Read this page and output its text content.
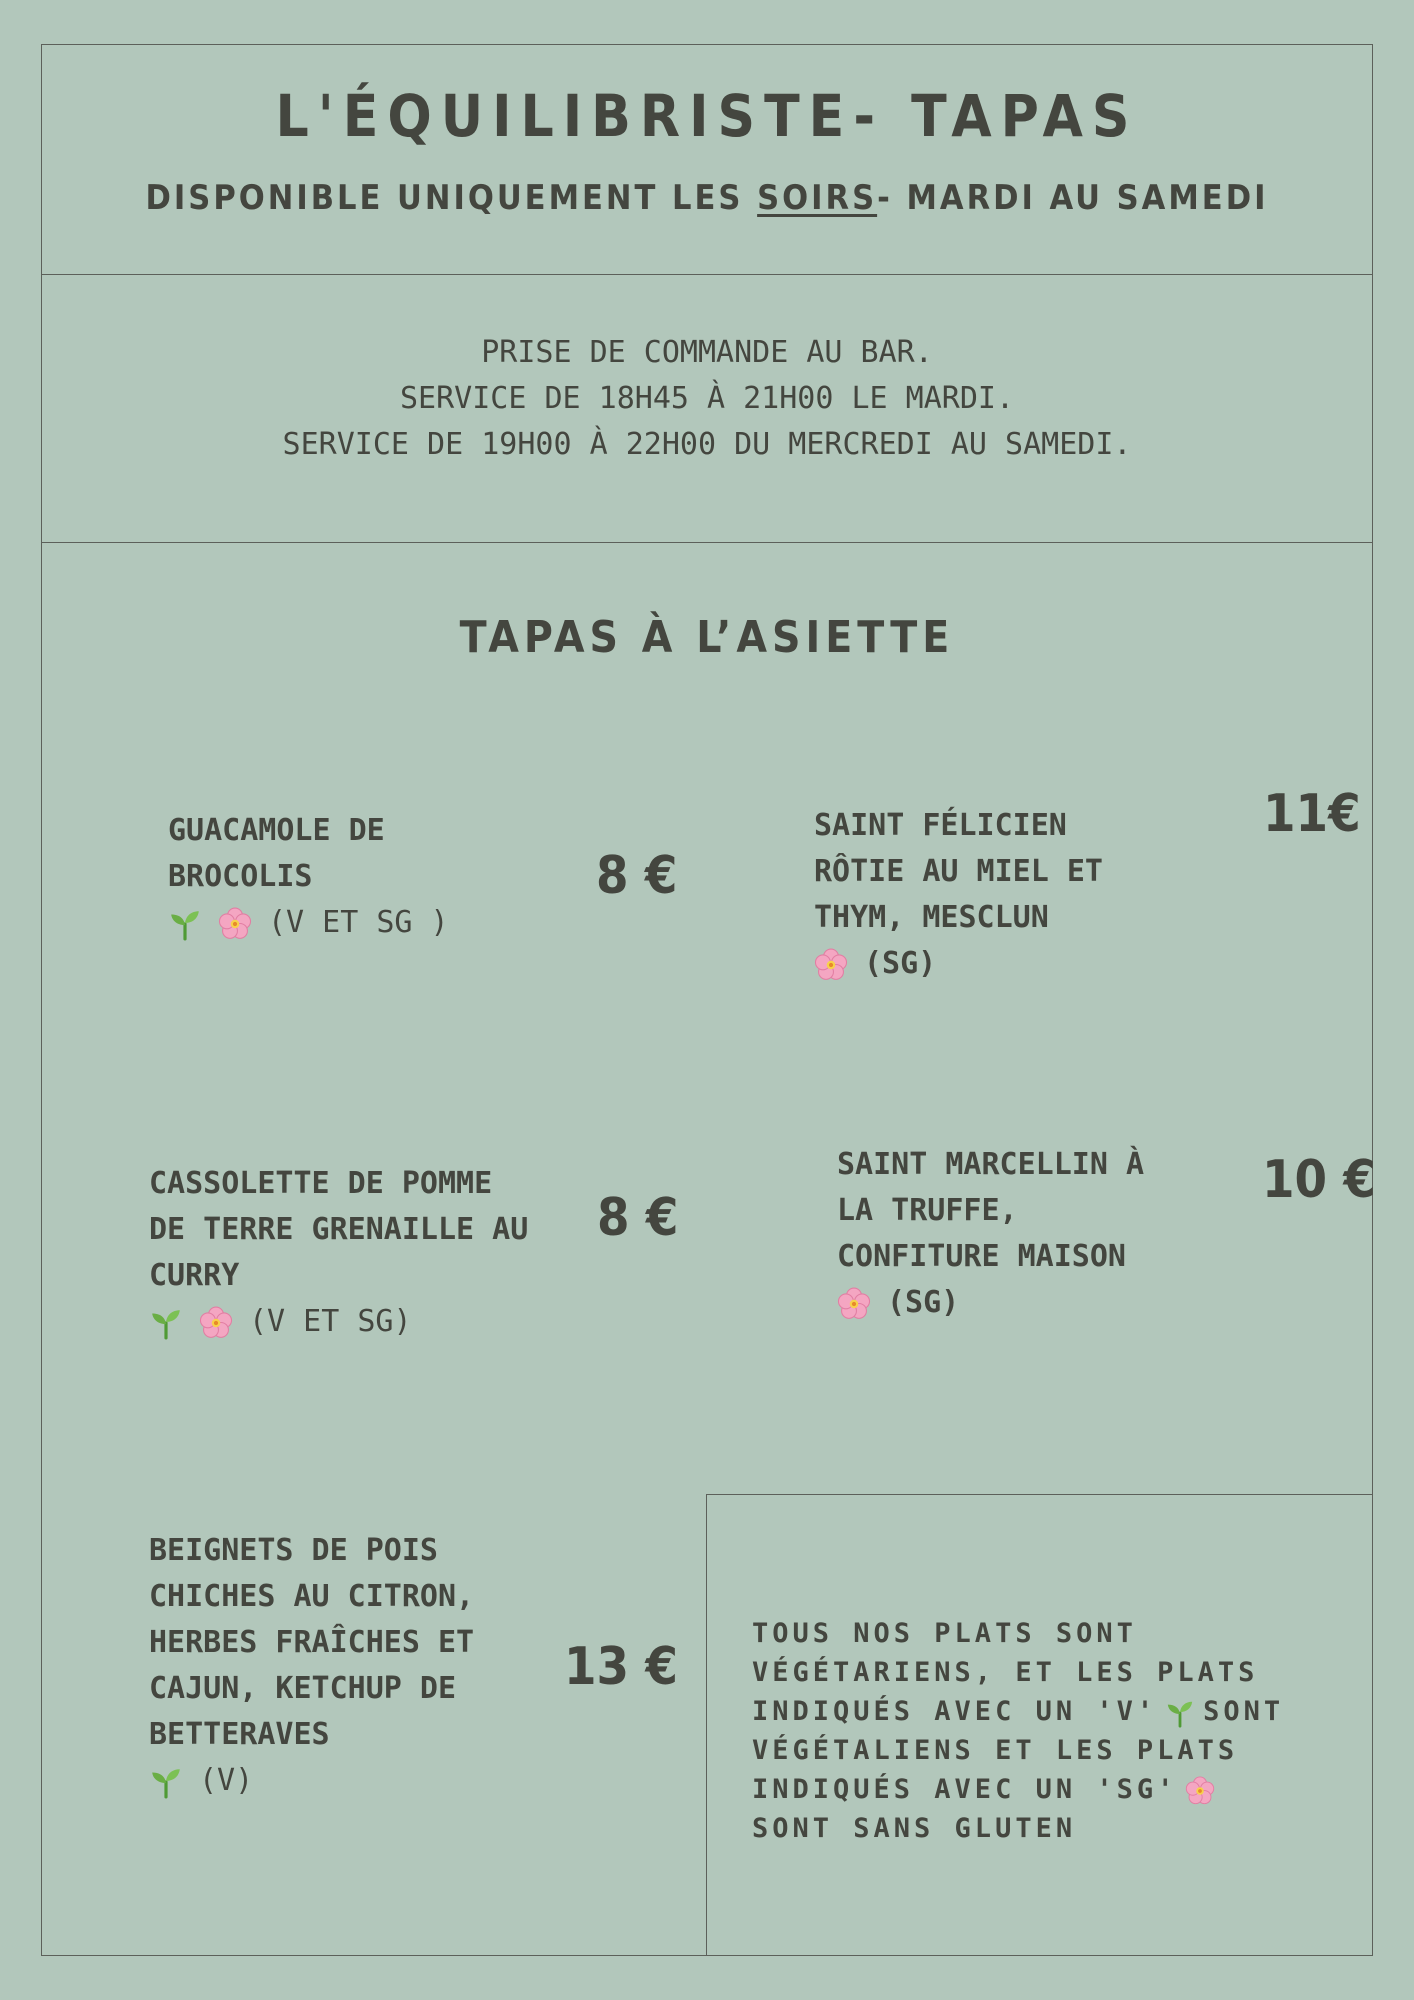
L'ÉQUILIBRISTE- TAPAS

DISPONIBLE UNIQUEMENT LES SOIRS- MARDI AU SAMEDI

PRISE DE COMMANDE AU BAR.
SERVICE DE 18H45 À 21H00 LE MARDI.
SERVICE DE 19H00 À 22H00 DU MERCREDI AU SAMEDI.
TAPAS À L’ASIETTE
GUACAMOLE DE
BROCOLIS
(V ET SG )
8 €
SAINT FÉLICIEN
RÔTIE AU MIEL ET
THYM, MESCLUN
(SG)
11€
CASSOLETTE DE POMME
DE TERRE GRENAILLE AU
CURRY
(V ET SG)
8 €
SAINT MARCELLIN À
LA TRUFFE,
CONFITURE MAISON
(SG)
10 €
BEIGNETS DE POIS
CHICHES AU CITRON,
HERBES FRAÎCHES ET
CAJUN, KETCHUP DE
BETTERAVES
(V)
13 €
TOUS NOS PLATS SONT
VÉGÉTARIENS, ET LES PLATS
INDIQUÉS AVEC UN 'V' SONT
VÉGÉTALIENS ET LES PLATS
INDIQUÉS AVEC UN 'SG'
SONT SANS GLUTEN
